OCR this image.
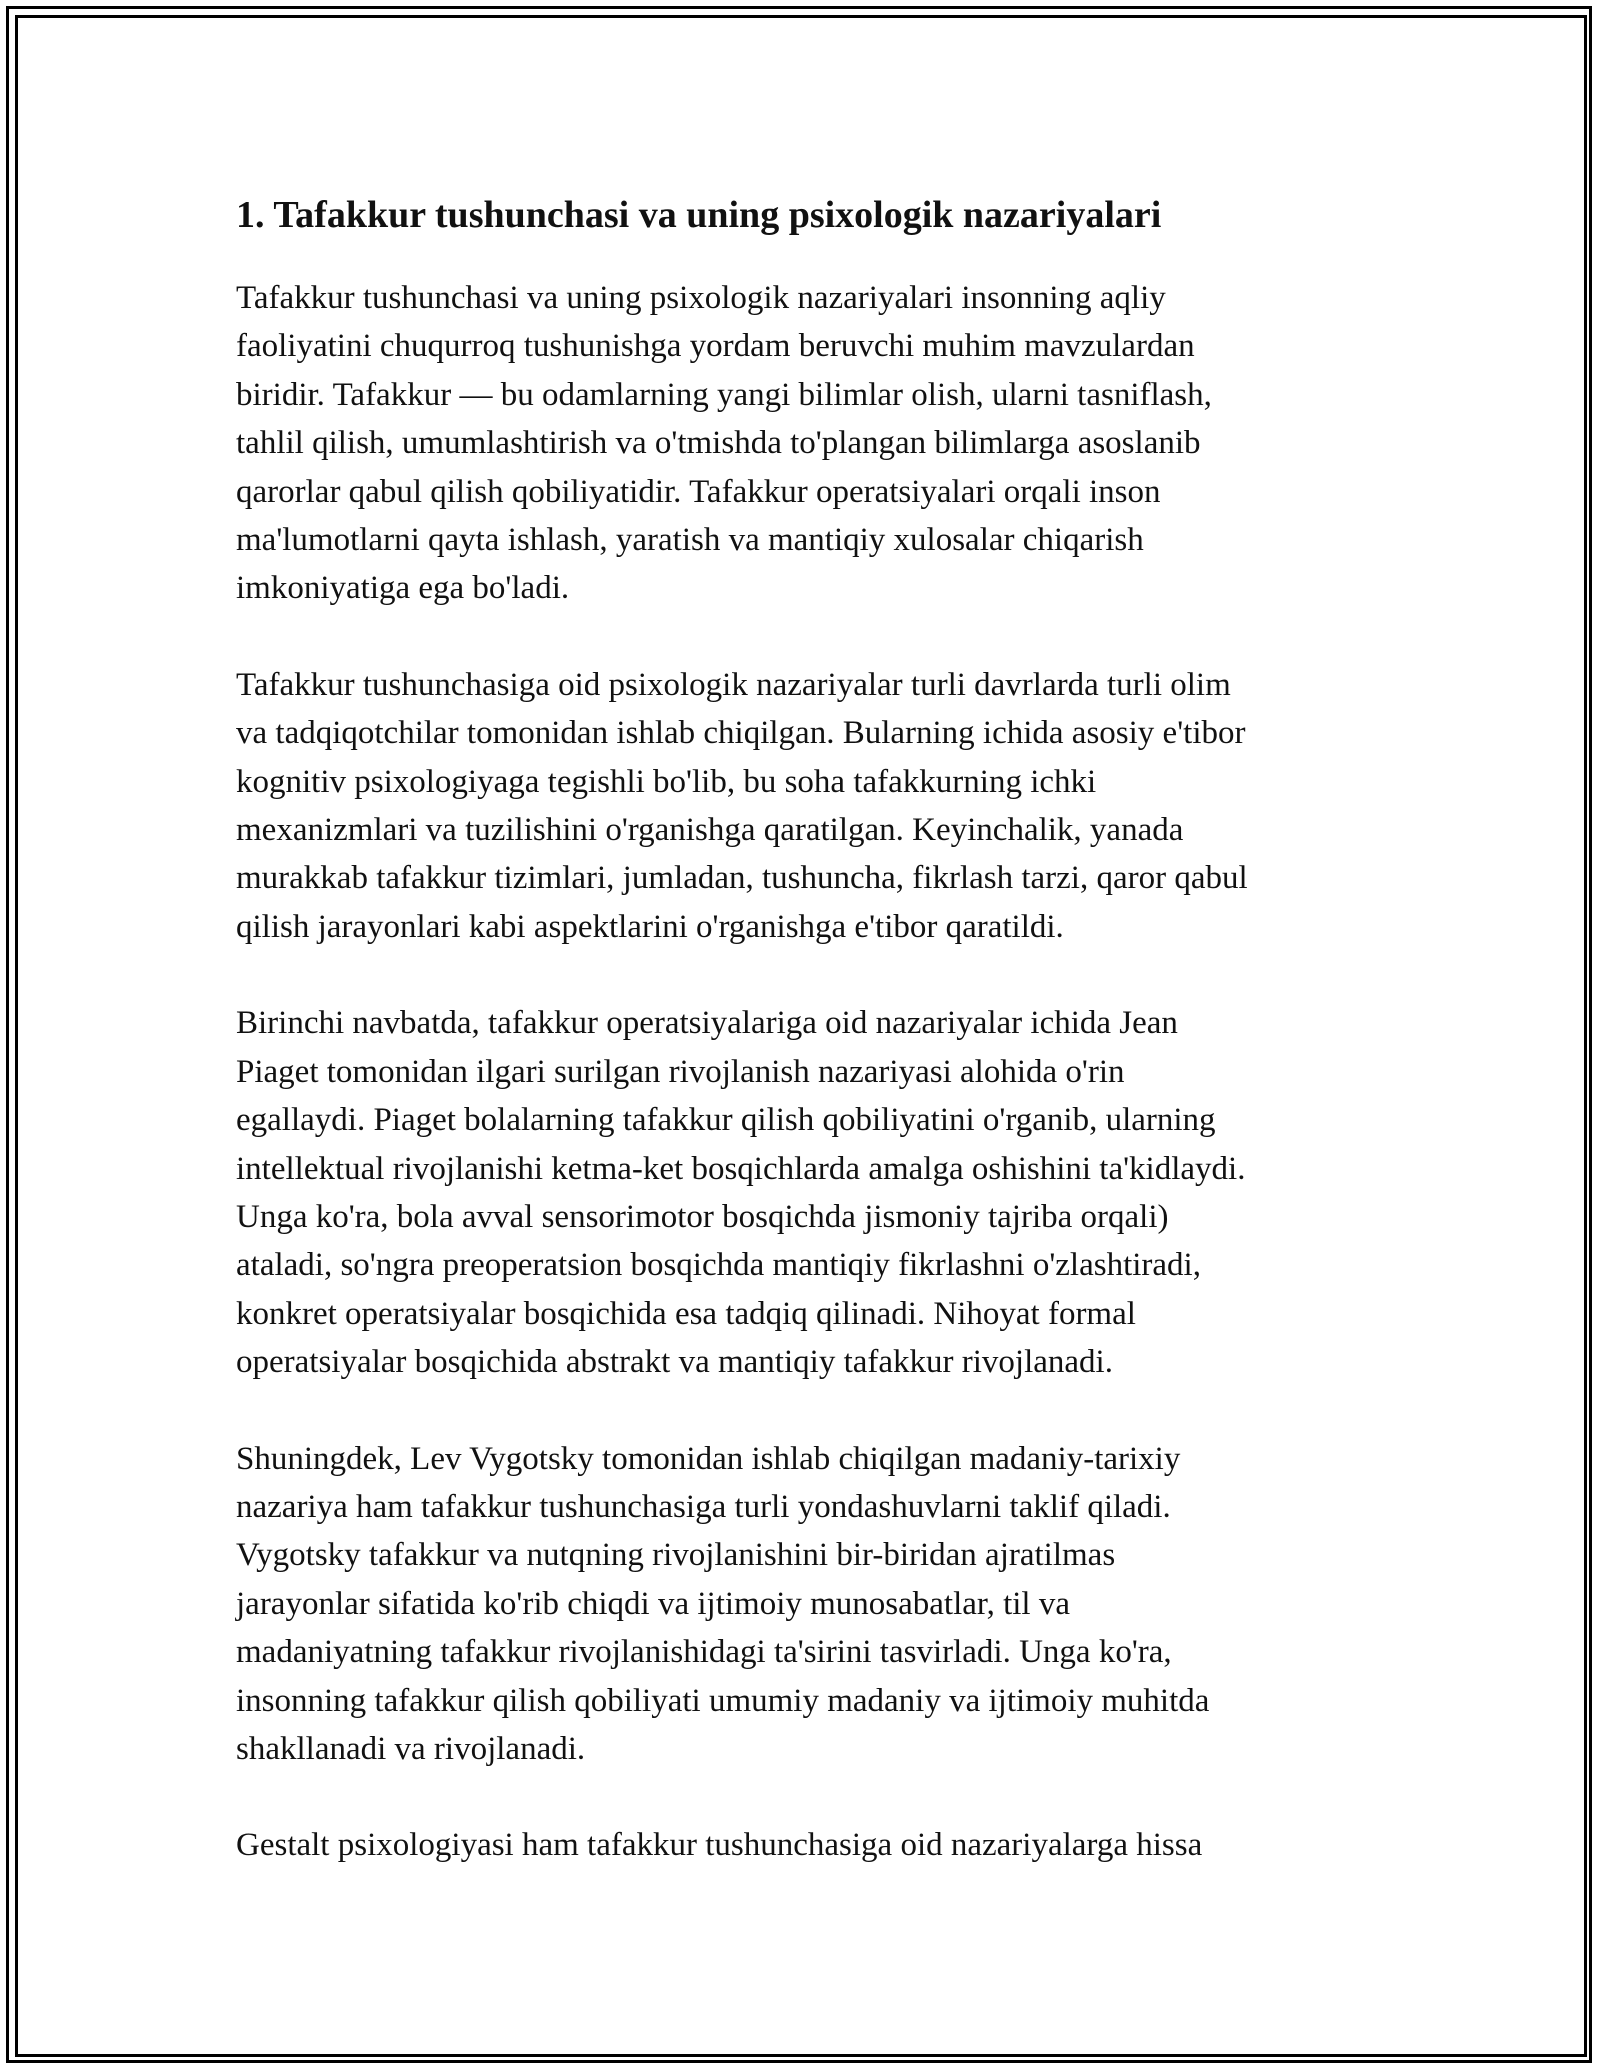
1. Tafakkur tushunchasi va uning psixologik nazariyalari

Tafakkur tushunchasi va uning psixologik nazariyalari insonning aqliy
faoliyatini chuqurroq tushunishga yordam beruvchi muhim mavzulardan
biridir. Tafakkur — bu odamlarning yangi bilimlar olish, ularni tasniflash,
tahlil qilish, umumlashtirish va o'tmishda to'plangan bilimlarga asoslanib
qarorlar qabul qilish qobiliyatidir. Tafakkur operatsiyalari orqali inson
ma'lumotlarni qayta ishlash, yaratish va mantiqiy xulosalar chiqarish
imkoniyatiga ega bo'ladi.

Tafakkur tushunchasiga oid psixologik nazariyalar turli davrlarda turli olim
va tadqiqotchilar tomonidan ishlab chiqilgan. Bularning ichida asosiy e'tibor
kognitiv psixologiyaga tegishli bo'lib, bu soha tafakkurning ichki
mexanizmlari va tuzilishini o'rganishga qaratilgan. Keyinchalik, yanada
murakkab tafakkur tizimlari, jumladan, tushuncha, fikrlash tarzi, qaror qabul
qilish jarayonlari kabi aspektlarini o'rganishga e'tibor qaratildi.

Birinchi navbatda, tafakkur operatsiyalariga oid nazariyalar ichida Jean
Piaget tomonidan ilgari surilgan rivojlanish nazariyasi alohida o'rin
egallaydi. Piaget bolalarning tafakkur qilish qobiliyatini o'rganib, ularning
intellektual rivojlanishi ketma-ket bosqichlarda amalga oshishini ta'kidlaydi.
Unga ko'ra, bola avval sensorimotor bosqichda jismoniy tajriba orqali)
ataladi, so'ngra preoperatsion bosqichda mantiqiy fikrlashni o'zlashtiradi,
konkret operatsiyalar bosqichida esa tadqiq qilinadi. Nihoyat formal
operatsiyalar bosqichida abstrakt va mantiqiy tafakkur rivojlanadi.

Shuningdek, Lev Vygotsky tomonidan ishlab chiqilgan madaniy-tarixiy
nazariya ham tafakkur tushunchasiga turli yondashuvlarni taklif qiladi.
Vygotsky tafakkur va nutqning rivojlanishini bir-biridan ajratilmas
jarayonlar sifatida ko'rib chiqdi va ijtimoiy munosabatlar, til va
madaniyatning tafakkur rivojlanishidagi ta'sirini tasvirladi. Unga ko'ra,
insonning tafakkur qilish qobiliyati umumiy madaniy va ijtimoiy muhitda
shakllanadi va rivojlanadi.

Gestalt psixologiyasi ham tafakkur tushunchasiga oid nazariyalarga hissa
